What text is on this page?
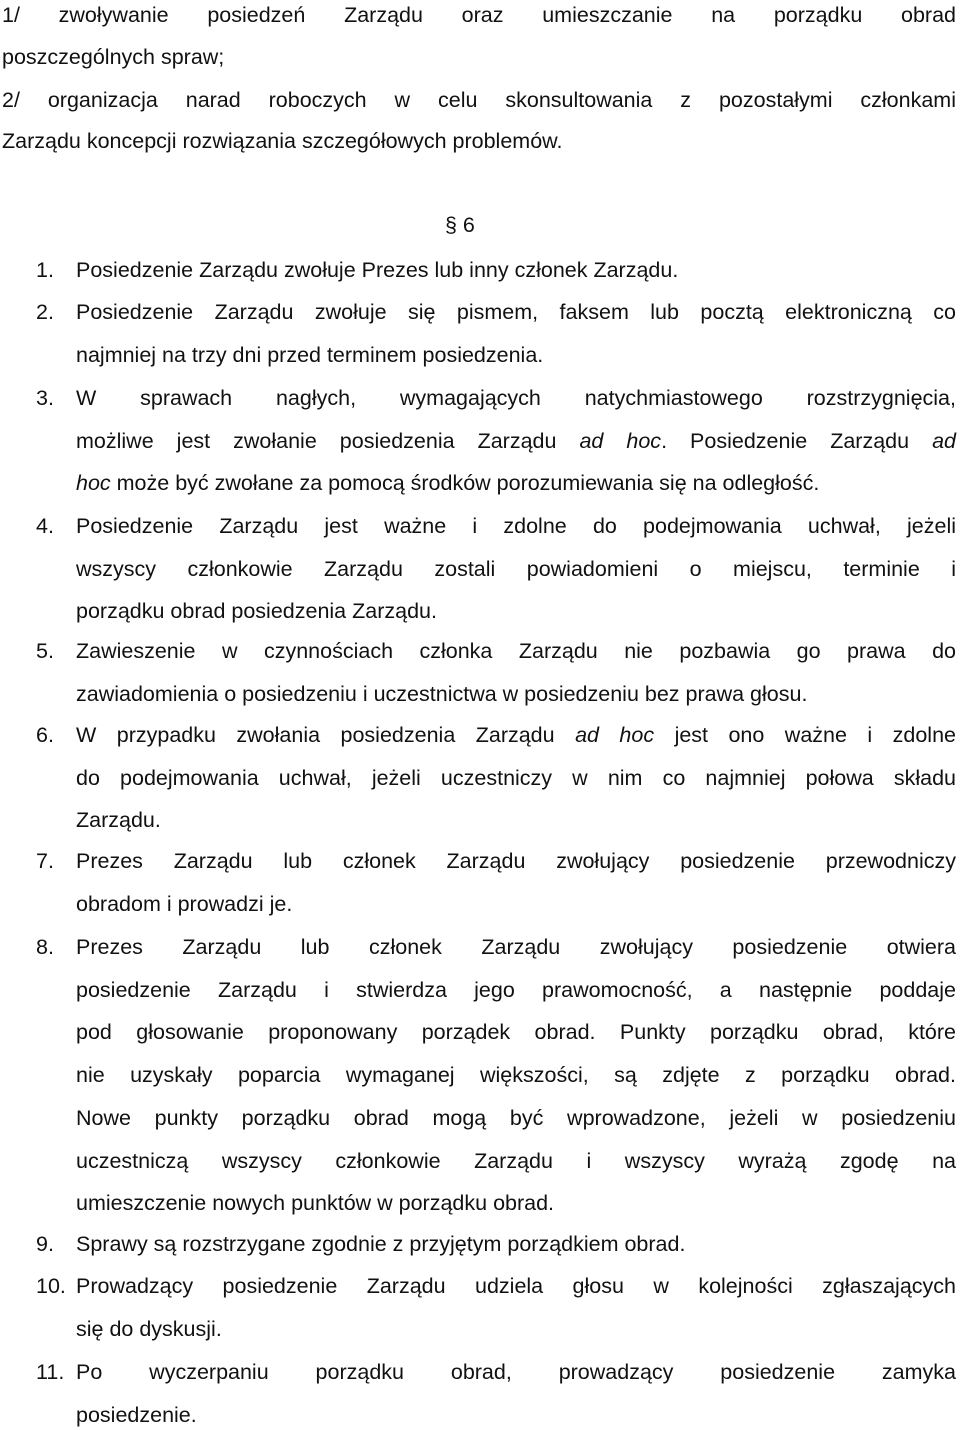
1/ zwoływanie posiedzeń Zarządu oraz umieszczanie na porządku obrad
poszczególnych spraw;
2/ organizacja narad roboczych w celu skonsultowania z pozostałymi członkami
Zarządu koncepcji rozwiązania szczegółowych problemów.
§ 6
1. Posiedzenie Zarządu zwołuje Prezes lub inny członek Zarządu.
2. Posiedzenie Zarządu zwołuje się pismem, faksem lub pocztą elektroniczną co
najmniej na trzy dni przed terminem posiedzenia.
3. W sprawach nagłych, wymagających natychmiastowego rozstrzygnięcia,
możliwe jest zwołanie posiedzenia Zarządu ad hoc. Posiedzenie Zarządu ad
hoc może być zwołane za pomocą środków porozumiewania się na odległość.
4. Posiedzenie Zarządu jest ważne i zdolne do podejmowania uchwał, jeżeli
wszyscy członkowie Zarządu zostali powiadomieni o miejscu, terminie i
porządku obrad posiedzenia Zarządu.
5. Zawieszenie w czynnościach członka Zarządu nie pozbawia go prawa do
zawiadomienia o posiedzeniu i uczestnictwa w posiedzeniu bez prawa głosu.
6. W przypadku zwołania posiedzenia Zarządu ad hoc jest ono ważne i zdolne
do podejmowania uchwał, jeżeli uczestniczy w nim co najmniej połowa składu
Zarządu.
7. Prezes Zarządu lub członek Zarządu zwołujący posiedzenie przewodniczy
obradom i prowadzi je.
8. Prezes Zarządu lub członek Zarządu zwołujący posiedzenie otwiera
posiedzenie Zarządu i stwierdza jego prawomocność, a następnie poddaje
pod głosowanie proponowany porządek obrad. Punkty porządku obrad, które
nie uzyskały poparcia wymaganej większości, są zdjęte z porządku obrad.
Nowe punkty porządku obrad mogą być wprowadzone, jeżeli w posiedzeniu
uczestniczą wszyscy członkowie Zarządu i wszyscy wyrażą zgodę na
umieszczenie nowych punktów w porządku obrad.
9. Sprawy są rozstrzygane zgodnie z przyjętym porządkiem obrad.
10. Prowadzący posiedzenie Zarządu udziela głosu w kolejności zgłaszających
się do dyskusji.
11. Po wyczerpaniu porządku obrad, prowadzący posiedzenie zamyka
posiedzenie.
